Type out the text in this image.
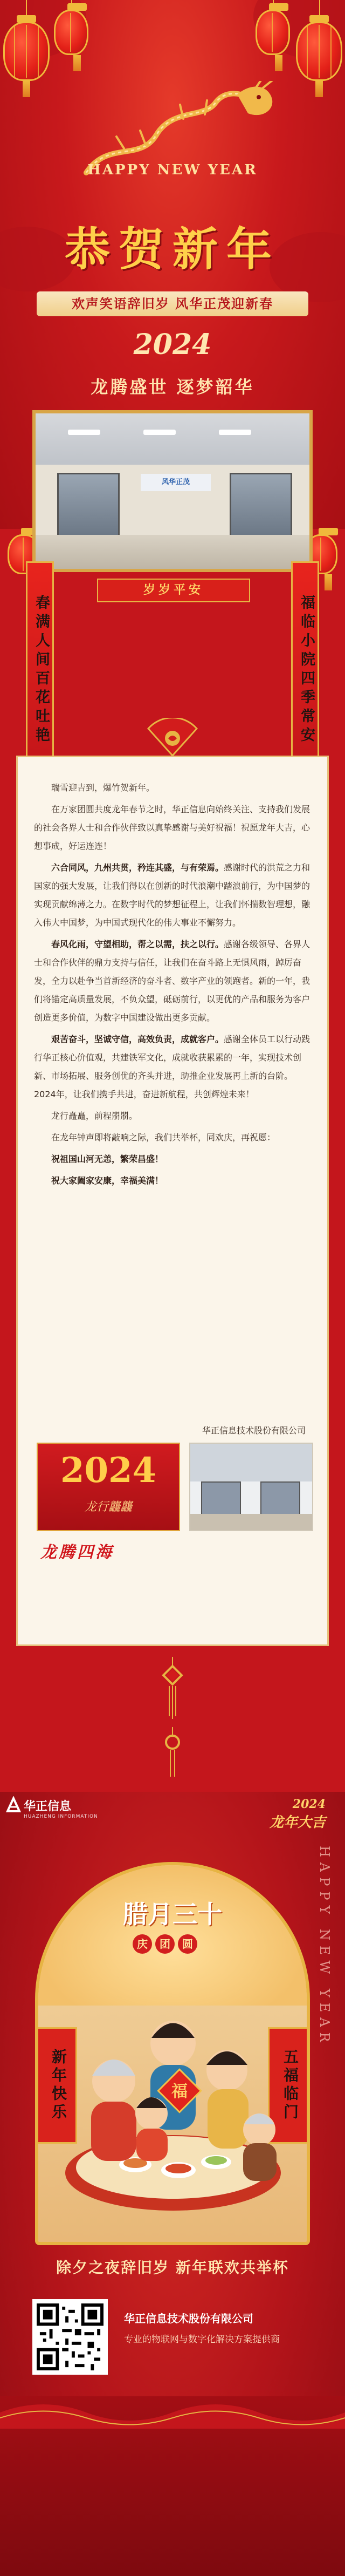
HAPPY NEW YEAR
恭贺新年
欢声笑语辞旧岁 风华正茂迎新春
2024
龙腾盛世 逐梦韶华
风华正茂
岁岁平安
春满人间百花吐艳	福临小院四季常安

瑞雪迎吉到，爆竹贺新年。

在万家团圆共度龙年春节之时，华正信息向始终关注、支持我们发展的社会各界人士和合作伙伴致以真挚感谢与美好祝福！祝愿龙年大吉，心想事成，好运连连！

六合同风，九州共贯，矜连其盛，与有荣焉。感谢时代的洪荒之力和国家的强大发展，让我们得以在创新的时代浪潮中踏浪前行，为中国梦的实现贡献绵薄之力。在数字时代的梦想征程上，让我们怀揣数智理想，融入伟大中国梦，为中国式现代化的伟大事业不懈努力。

春风化雨，守望相助，帮之以需，扶之以行。感谢各级领导、各界人士和合作伙伴的鼎力支持与信任，让我们在奋斗路上无惧风雨，踔厉奋发，全力以赴争当首新经济的奋斗者、数字产业的领跑者。新的一年，我们将锚定高质量发展，不负众望，砥砺前行，以更优的产品和服务为客户创造更多价值，为数字中国建设做出更多贡献。

艰苦奋斗，坚诚守信，高效负责，成就客户。感谢全体员工以行动践行华正核心价值观，共建铁军文化，成就收获累累的一年，实现技术创新、市场拓展、服务创优的齐头并进，助推企业发展再上新的台阶。2024年，让我们携手共进，奋进新航程，共创辉煌未来！

龙行矗矗，前程朤朤。

在龙年钟声即将敲响之际，我们共举杯，同欢庆，再祝愿：

祝祖国山河无恙，繁荣昌盛！

祝大家阖家安康，幸福美满！

华正信息技术股份有限公司
2024
龙行龘龘
龙腾四海
华正信息
HUAZHENG INFORMATION
2024
龙年大吉
HAPPY NEW YEAR
腊月三十
庆	团	圆
新年快乐	五福临门
福
除夕之夜辞旧岁 新年联欢共举杯
华正信息技术股份有限公司
专业的物联网与数字化解决方案提供商
